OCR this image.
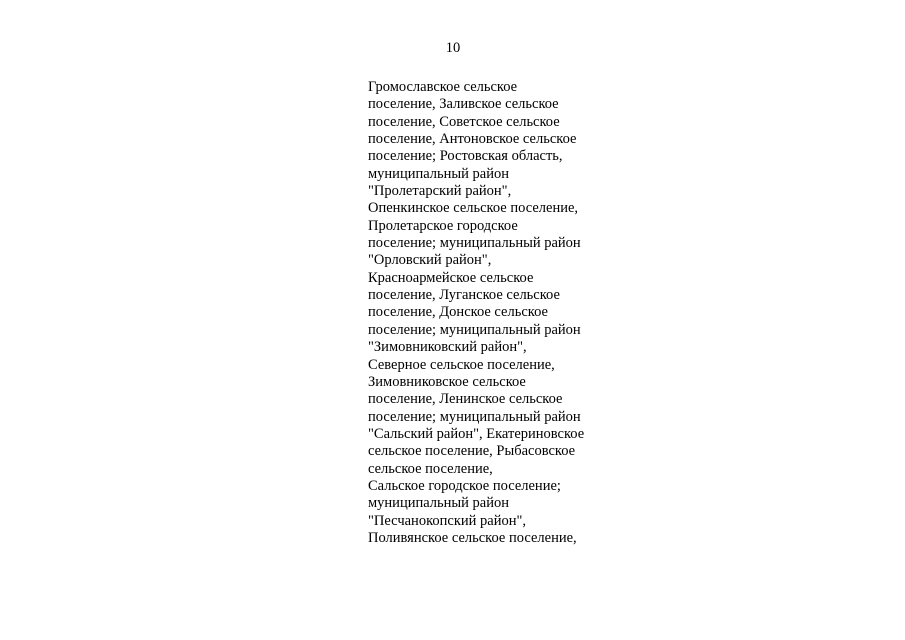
10
Громославское сельское
поселение, Заливское сельское
поселение, Советское сельское
поселение, Антоновское сельское
поселение; Ростовская область,
муниципальный район
"Пролетарский район",
Опенкинское сельское поселение,
Пролетарское городское
поселение; муниципальный район
"Орловский район",
Красноармейское сельское
поселение, Луганское сельское
поселение, Донское сельское
поселение; муниципальный район
"Зимовниковский район",
Северное сельское поселение,
Зимовниковское сельское
поселение, Ленинское сельское
поселение; муниципальный район
"Сальский район", Екатериновское
сельское поселение, Рыбасовское
сельское поселение,
Сальское городское поселение;
муниципальный район
"Песчанокопский район",
Поливянское сельское поселение,
